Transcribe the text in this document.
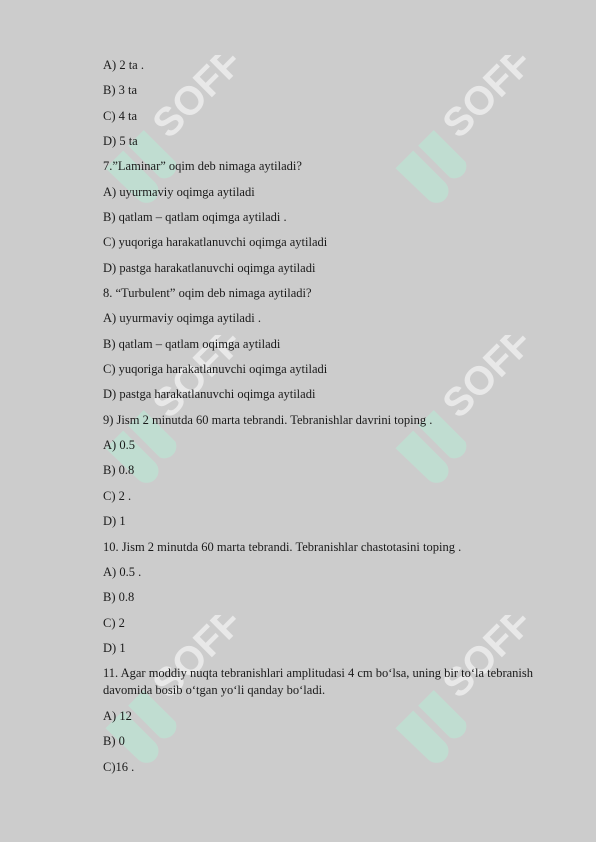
SOFF	SOFF
SOFF	SOFF
SOFF	SOFF
A) 2 ta .
B) 3 ta
C) 4 ta
D) 5 ta
7.”Laminar” oqim deb nimaga aytiladi?
A) uyurmaviy oqimga aytiladi
B) qatlam – qatlam oqimga aytiladi .
C) yuqoriga harakatlanuvchi oqimga aytiladi
D) pastga harakatlanuvchi oqimga aytiladi
8. “Turbulent” oqim deb nimaga aytiladi?
A) uyurmaviy oqimga aytiladi .
B) qatlam – qatlam oqimga aytiladi
C) yuqoriga harakatlanuvchi oqimga aytiladi
D) pastga harakatlanuvchi oqimga aytiladi
9) Jism 2 minutda 60 marta tebrandi. Tebranishlar davrini toping .
A) 0.5
B) 0.8
C) 2 .
D) 1
10. Jism 2 minutda 60 marta tebrandi. Tebranishlar chastotasini toping .
A) 0.5 .
B) 0.8
C) 2
D) 1
11. Agar moddiy nuqta tebranishlari amplitudasi 4 cm bo‘lsa, uning bir to‘la tebranish davomida bosib o‘tgan yo‘li qanday bo‘ladi.
A) 12
B) 0
C)16 .
